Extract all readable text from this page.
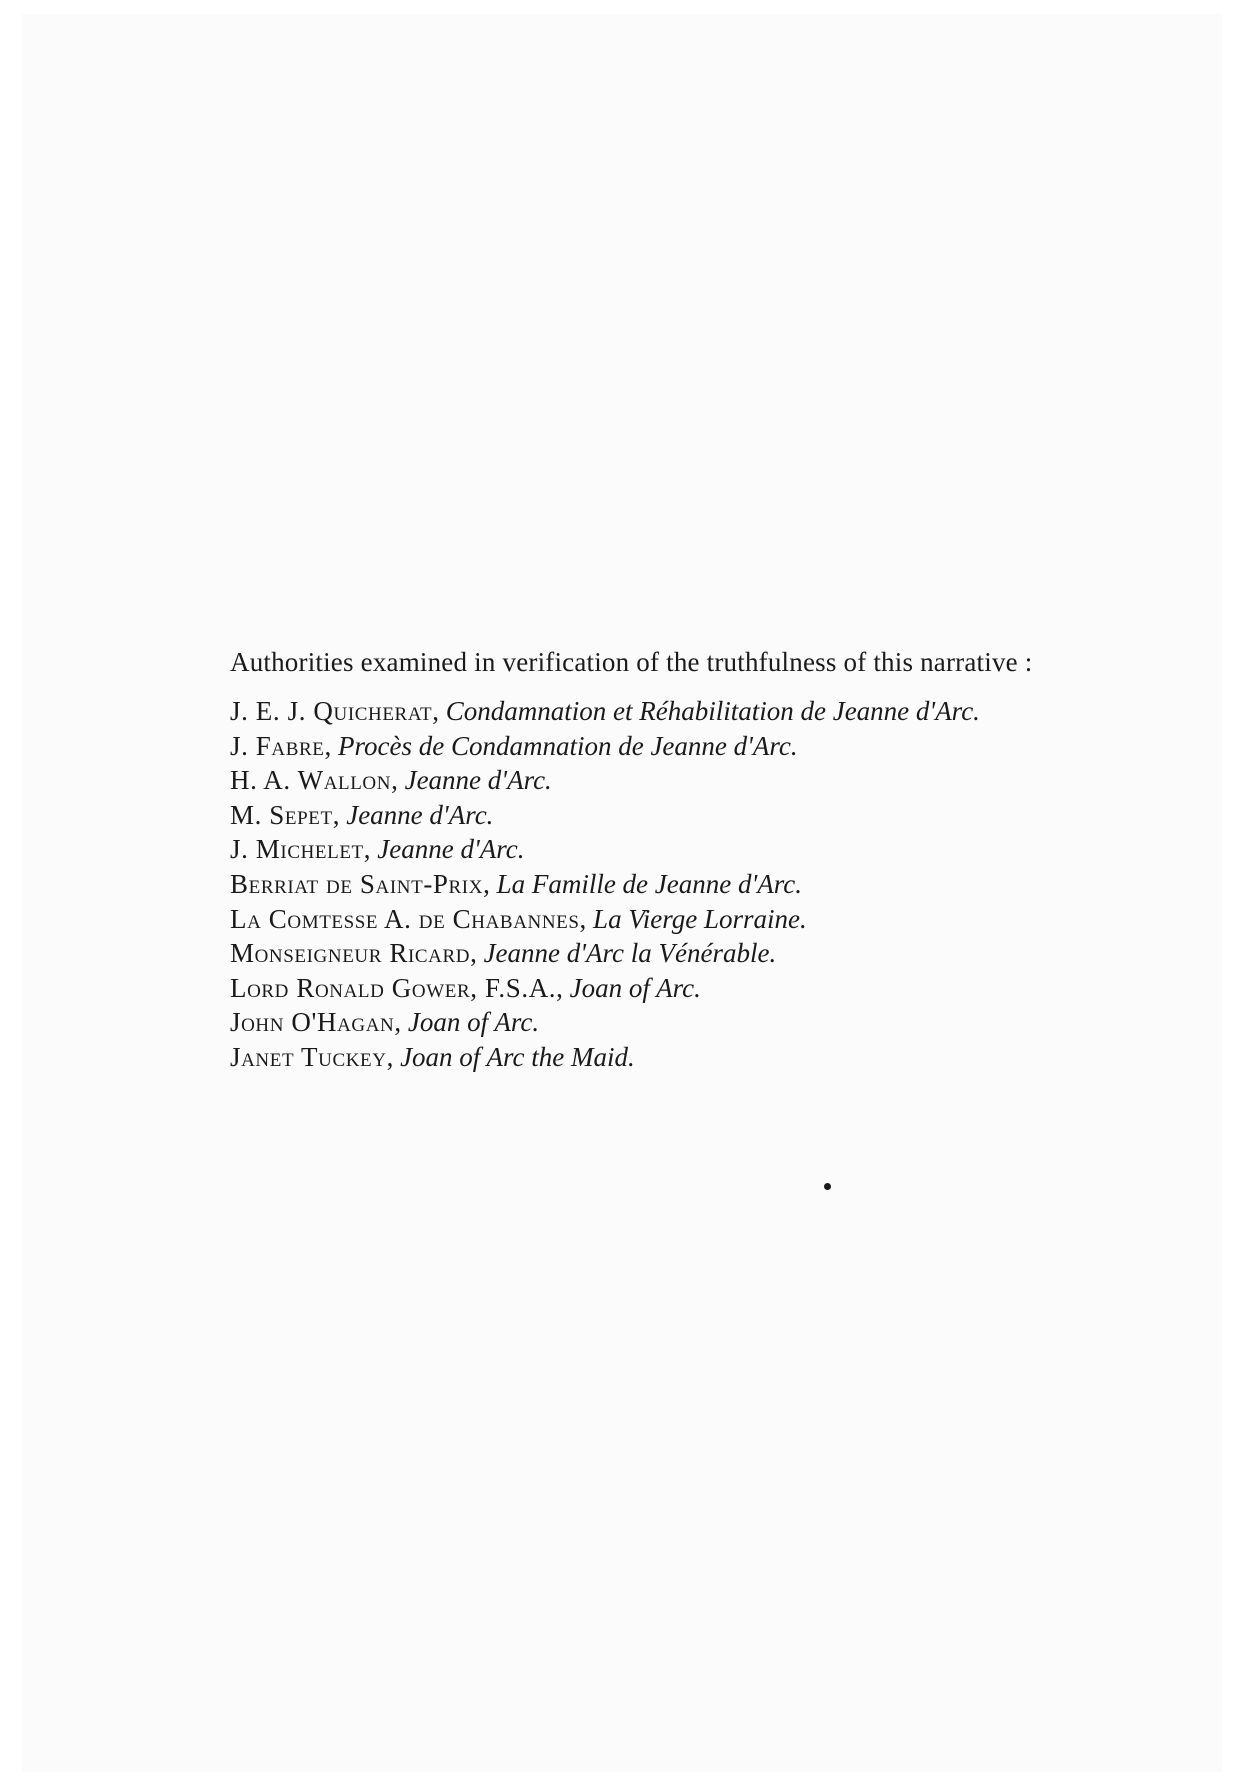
Authorities examined in verification of the truthfulness of this narrative :

J. E. J. Quicherat, Condamnation et Réhabilitation de Jeanne d'Arc.
J. Fabre, Procès de Condamnation de Jeanne d'Arc.
H. A. Wallon, Jeanne d'Arc.
M. Sepet, Jeanne d'Arc.
J. Michelet, Jeanne d'Arc.
Berriat de Saint-Prix, La Famille de Jeanne d'Arc.
La Comtesse A. de Chabannes, La Vierge Lorraine.
Monseigneur Ricard, Jeanne d'Arc la Vénérable.
Lord Ronald Gower, F.S.A., Joan of Arc.
John O'Hagan, Joan of Arc.
Janet Tuckey, Joan of Arc the Maid.
